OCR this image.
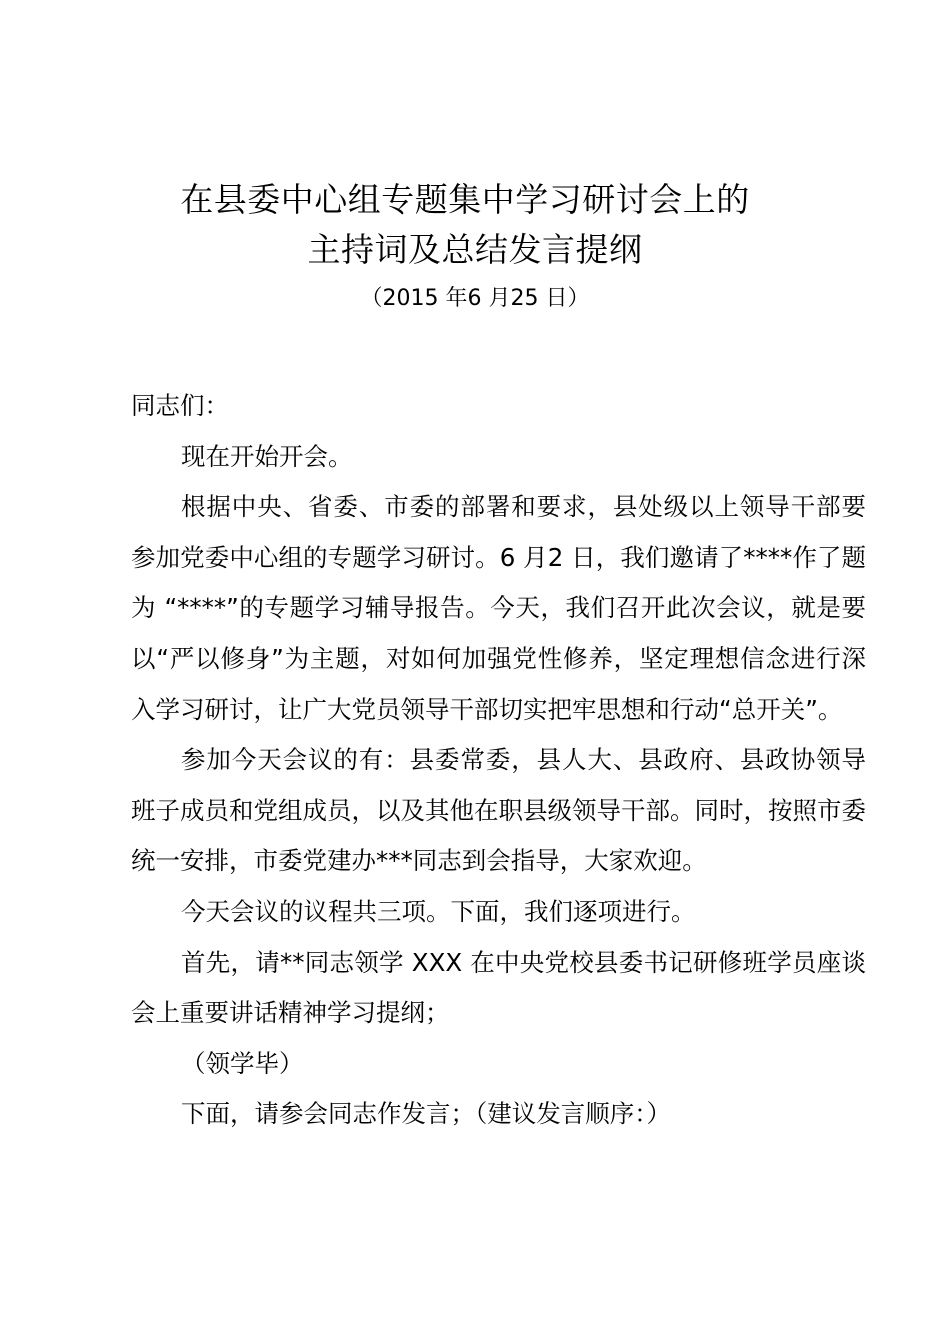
在县委中心组专题集中学习研讨会上的
主持词及总结发言提纲
（2015 年6 月25 日）

同志们：

现在开始开会。

根据中央、省委、市委的部署和要求，县处级以上领导干部要参加党委中心组的专题学习研讨。6 月2 日，我们邀请了****作了题为 “****”的专题学习辅导报告。今天，我们召开此次会议，就是要以“严以修身”为主题，对如何加强党性修养，坚定理想信念进行深入学习研讨，让广大党员领导干部切实把牢思想和行动“总开关”。

参加今天会议的有：县委常委，县人大、县政府、县政协领导班子成员和党组成员，以及其他在职县级领导干部。同时，按照市委统一安排，市委党建办***同志到会指导，大家欢迎。

今天会议的议程共三项。下面，我们逐项进行。

首先，请**同志领学 XXX 在中央党校县委书记研修班学员座谈会上重要讲话精神学习提纲；

（领学毕）

下面，请参会同志作发言；（建议发言顺序：）
